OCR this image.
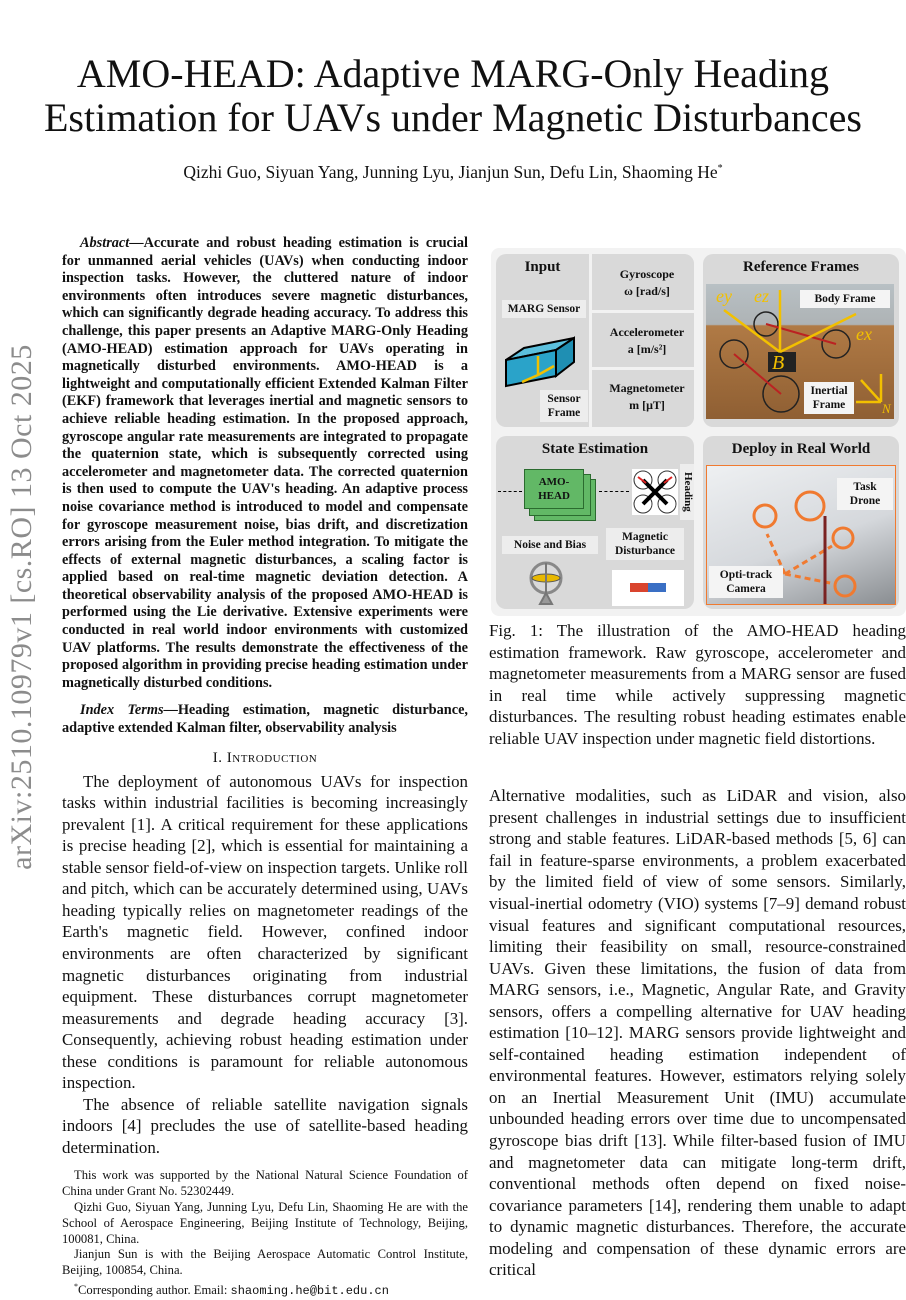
arXiv:2510.10979v1 [cs.RO] 13 Oct 2025
AMO-HEAD: Adaptive MARG-Only Heading
Estimation for UAVs under Magnetic Disturbances
Qizhi Guo, Siyuan Yang, Junning Lyu, Jianjun Sun, Defu Lin, Shaoming He*

Abstract—Accurate and robust heading estimation is crucial for unmanned aerial vehicles (UAVs) when conducting indoor inspection tasks. However, the cluttered nature of indoor environments often introduces severe magnetic disturbances, which can significantly degrade heading accuracy. To address this challenge, this paper presents an Adaptive MARG-Only Heading (AMO-HEAD) estimation approach for UAVs operating in magnetically disturbed environments. AMO-HEAD is a lightweight and computationally efficient Extended Kalman Filter (EKF) framework that leverages inertial and magnetic sensors to achieve reliable heading estimation. In the proposed approach, gyroscope angular rate measurements are integrated to propagate the quaternion state, which is subsequently corrected using accelerometer and magnetometer data. The corrected quaternion is then used to compute the UAV's heading. An adaptive process noise covariance method is introduced to model and compensate for gyroscope measurement noise, bias drift, and discretization errors arising from the Euler method integration. To mitigate the effects of external magnetic disturbances, a scaling factor is applied based on real-time magnetic deviation detection. A theoretical observability analysis of the proposed AMO-HEAD is performed using the Lie derivative. Extensive experiments were conducted in real world indoor environments with customized UAV platforms. The results demonstrate the effectiveness of the proposed algorithm in providing precise heading estimation under magnetically disturbed conditions.

Index Terms—Heading estimation, magnetic disturbance, adaptive extended Kalman filter, observability analysis

I. Introduction

The deployment of autonomous UAVs for inspection tasks within industrial facilities is becoming increasingly prevalent [1]. A critical requirement for these applications is precise heading [2], which is essential for maintaining a stable sensor field-of-view on inspection targets. Unlike roll and pitch, which can be accurately determined using, UAVs heading typically relies on magnetometer readings of the Earth's magnetic field. However, confined indoor environments are often characterized by significant magnetic disturbances originating from industrial equipment. These disturbances corrupt magnetometer measurements and degrade heading accuracy [3]. Consequently, achieving robust heading estimation under these conditions is paramount for reliable autonomous inspection.

The absence of reliable satellite navigation signals indoors [4] precludes the use of satellite-based heading determination.

This work was supported by the National Natural Science Foundation of China under Grant No. 52302449.

Qizhi Guo, Siyuan Yang, Junning Lyu, Defu Lin, Shaoming He are with the School of Aerospace Engineering, Beijing Institute of Technology, Beijing, 100081, China.

Jianjun Sun is with the Beijing Aerospace Automatic Control Institute, Beijing, 100854, China.

*Corresponding author. Email: shaoming.he@bit.edu.cn

Input
MARG Sensor
Sensor Frame
Gyroscope
ω [rad/s]
Accelerometer
a [m/s²]
Magnetometer
m [μT]
Reference Frames
ey ez
ex
B
N
Body Frame
Inertial Frame
State Estimation
AMO-HEAD	Heading
Noise and Bias
Magnetic Disturbance
Deploy in Real World
Task Drone
Opti-track Camera
Fig. 1: The illustration of the AMO-HEAD heading estimation framework. Raw gyroscope, accelerometer and magnetometer measurements from a MARG sensor are fused in real time while actively suppressing magnetic disturbances. The resulting robust heading estimates enable reliable UAV inspection under magnetic field distortions.

Alternative modalities, such as LiDAR and vision, also present challenges in industrial settings due to insufficient strong and stable features. LiDAR-based methods [5, 6] can fail in feature-sparse environments, a problem exacerbated by the limited field of view of some sensors. Similarly, visual-inertial odometry (VIO) systems [7–9] demand robust visual features and significant computational resources, limiting their feasibility on small, resource-constrained UAVs. Given these limitations, the fusion of data from MARG sensors, i.e., Magnetic, Angular Rate, and Gravity sensors, offers a compelling alternative for UAV heading estimation [10–12]. MARG sensors provide lightweight and self-contained heading estimation independent of environmental features. However, estimators relying solely on an Inertial Measurement Unit (IMU) accumulate unbounded heading errors over time due to uncompensated gyroscope bias drift [13]. While filter-based fusion of IMU and magnetometer data can mitigate long-term drift, conventional methods often depend on fixed noise-covariance parameters [14], rendering them unable to adapt to dynamic magnetic disturbances. Therefore, the accurate modeling and compensation of these dynamic errors are critical
